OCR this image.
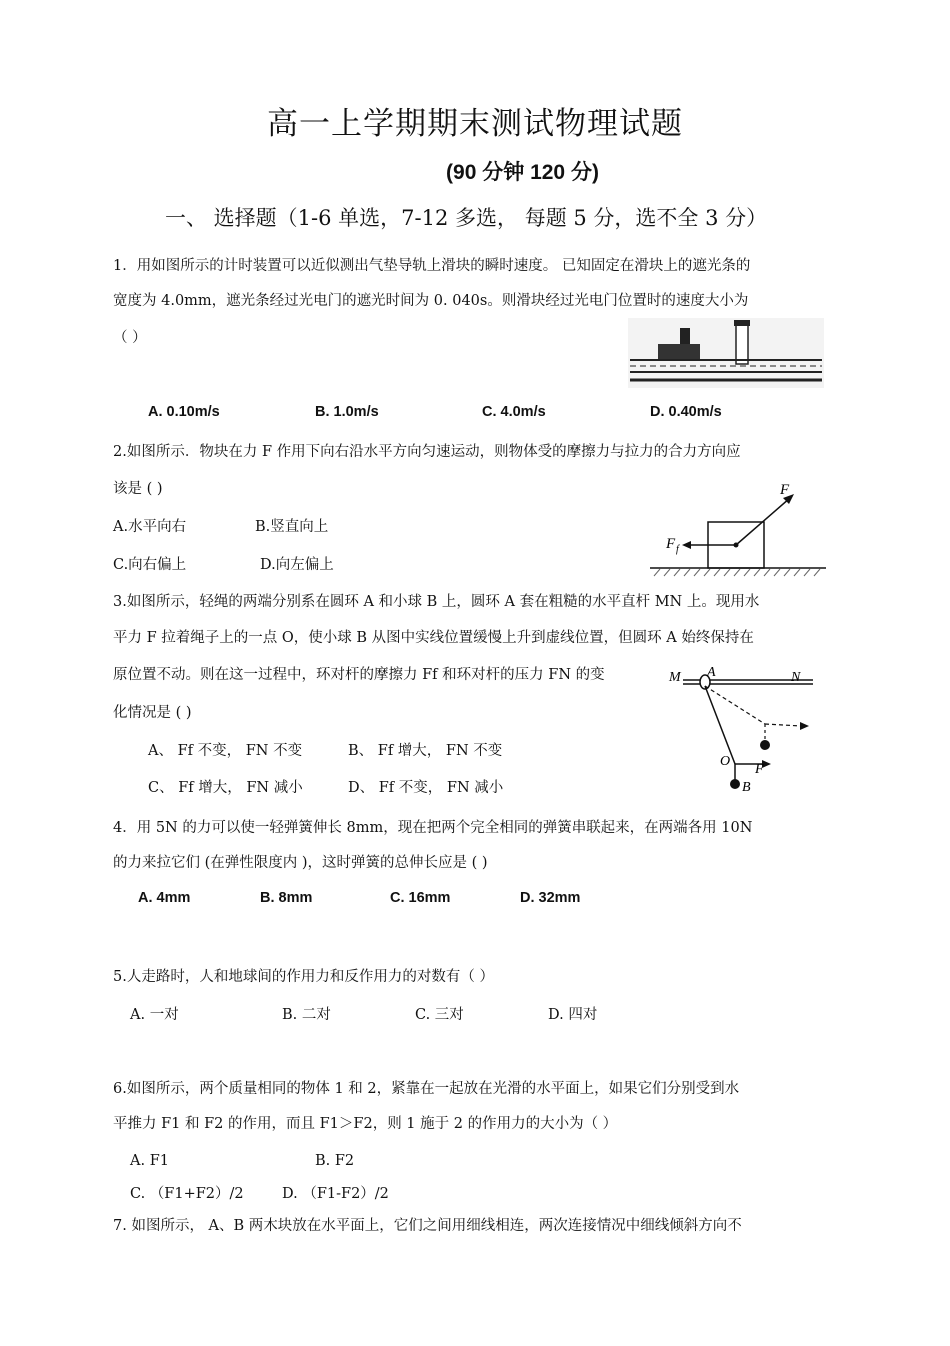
高一上学期期末测试物理试题
(90 分钟 120 分)
一、 选择题（1-6 单选，7-12 多选， 每题 5 分，选不全 3 分）
1．用如图所示的计时装置可以近似测出气垫导轨上滑块的瞬时速度。 已知固定在滑块上的遮光条的
宽度为 4.0mm，遮光条经过光电门的遮光时间为 0. 040s。则滑块经过光电门位置时的速度大小为
（ ）
A. 0.10m/s	B. 1.0m/s	C. 4.0m/s	D. 0.40m/s
2.如图所示．物块在力 F 作用下向右沿水平方向匀速运动，则物体受的摩擦力与拉力的合力方向应
该是 ( )
A.水平向右	B.竖直向上
C.向右偏上	D.向左偏上
F
F f
3.如图所示，轻绳的两端分别系在圆环 A 和小球 B 上，圆环 A 套在粗糙的水平直杆 MN 上。现用水
平力 F 拉着绳子上的一点 O，使小球 B 从图中实线位置缓慢上升到虚线位置，但圆环 A 始终保持在
原位置不动。则在这一过程中，环对杆的摩擦力 Ff 和环对杆的压力 FN 的变
化情况是 ( )
A、 Ff 不变， FN 不变	B、 Ff 增大， FN 不变
C、 Ff 增大， FN 减小	D、 Ff 不变， FN 减小
M A	N
O
F
B
4．用 5N 的力可以使一轻弹簧伸长 8mm，现在把两个完全相同的弹簧串联起来，在两端各用 10N
的力来拉它们 (在弹性限度内 )，这时弹簧的总伸长应是 ( )
A. 4mm	B. 8mm	C. 16mm	D. 32mm
5.人走路时，人和地球间的作用力和反作用力的对数有（ ）
A. 一对	B. 二对	C. 三对	D. 四对
6.如图所示，两个质量相同的物体 1 和 2，紧靠在一起放在光滑的水平面上，如果它们分别受到水
平推力 F1 和 F2 的作用，而且 F1＞F2，则 1 施于 2 的作用力的大小为（ ）
A. F1	B. F2
C. （F1+F2）/2	D. （F1-F2）/2
7. 如图所示， A、B 两木块放在水平面上，它们之间用细线相连，两次连接情况中细线倾斜方向不
